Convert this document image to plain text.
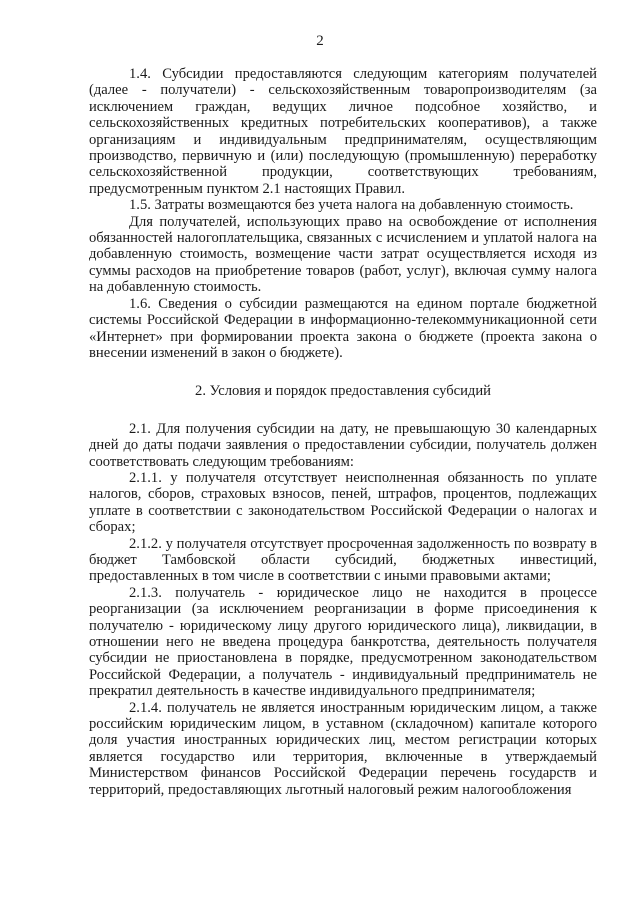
2

1.4. Субсидии предоставляются следующим категориям получателей (далее - получатели) - сельскохозяйственным товаропроизводителям (за исключением граждан, ведущих личное подсобное хозяйство, и сельскохозяйственных кредитных потребительских кооперативов), а также организациям и индивидуальным предпринимателям, осуществляющим производство, первичную и (или) последующую (промышленную) переработку сельскохозяйственной продукции, соответствующих требованиям, предусмотренным пунктом 2.1 настоящих Правил.

1.5. Затраты возмещаются без учета налога на добавленную стоимость.

Для получателей, использующих право на освобождение от исполнения обязанностей налогоплательщика, связанных с исчислением и уплатой налога на добавленную стоимость, возмещение части затрат осуществляется исходя из суммы расходов на приобретение товаров (работ, услуг), включая сумму налога на добавленную стоимость.

1.6. Сведения о субсидии размещаются на едином портале бюджетной системы Российской Федерации в информационно-телекоммуникационной сети «Интернет» при формировании проекта закона о бюджете (проекта закона о внесении изменений в закон о бюджете).

2. Условия и порядок предоставления субсидий

2.1. Для получения субсидии на дату, не превышающую 30 календарных дней до даты подачи заявления о предоставлении субсидии, получатель должен соответствовать следующим требованиям:

2.1.1. у получателя отсутствует неисполненная обязанность по уплате налогов, сборов, страховых взносов, пеней, штрафов, процентов, подлежащих уплате в соответствии с законодательством Российской Федерации о налогах и сборах;

2.1.2. у получателя отсутствует просроченная задолженность по возврату в бюджет Тамбовской области субсидий, бюджетных инвестиций, предоставленных в том числе в соответствии с иными правовыми актами;

2.1.3. получатель - юридическое лицо не находится в процессе реорганизации (за исключением реорганизации в форме присоединения к получателю - юридическому лицу другого юридического лица), ликвидации, в отношении него не введена процедура банкротства, деятельность получателя субсидии не приостановлена в порядке, предусмотренном законодательством Российской Федерации, а получатель - индивидуальный предприниматель не прекратил деятельность в качестве индивидуального предпринимателя;

2.1.4. получатель не является иностранным юридическим лицом, а также российским юридическим лицом, в уставном (складочном) капитале которого доля участия иностранных юридических лиц, местом регистрации которых является государство или территория, включенные в утверждаемый Министерством финансов Российской Федерации перечень государств и территорий, предоставляющих льготный налоговый режим налогообложения
